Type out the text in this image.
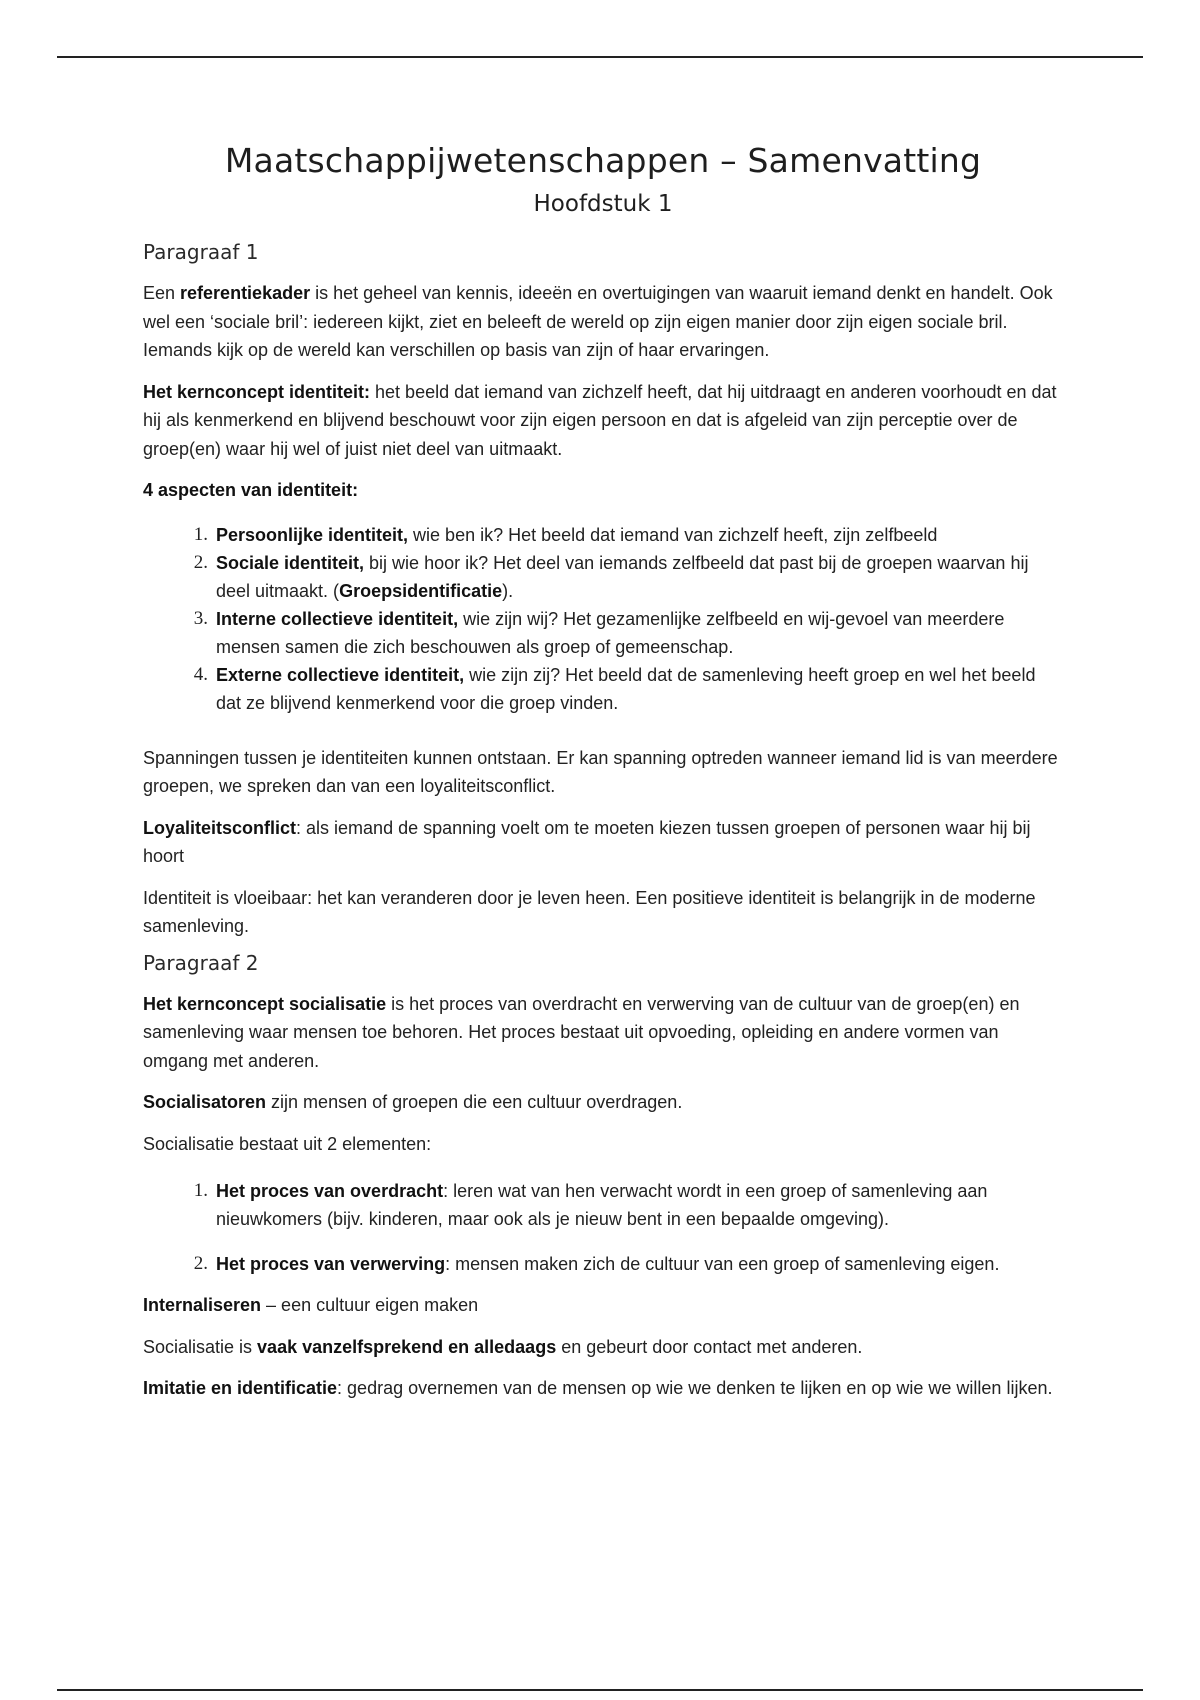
Maatschappijwetenschappen – Samenvatting
Hoofdstuk 1
Paragraaf 1

Een referentiekader is het geheel van kennis, ideeën en overtuigingen van waaruit iemand denkt en handelt. Ook wel een ‘sociale bril’: iedereen kijkt, ziet en beleeft de wereld op zijn eigen manier door zijn eigen sociale bril. Iemands kijk op de wereld kan verschillen op basis van zijn of haar ervaringen.

Het kernconcept identiteit: het beeld dat iemand van zichzelf heeft, dat hij uitdraagt en anderen voorhoudt en dat hij als kenmerkend en blijvend beschouwt voor zijn eigen persoon en dat is afgeleid van zijn perceptie over de groep(en) waar hij wel of juist niet deel van uitmaakt.

4 aspecten van identiteit:

1. Persoonlijke identiteit, wie ben ik? Het beeld dat iemand van zichzelf heeft, zijn zelfbeeld
2. Sociale identiteit, bij wie hoor ik? Het deel van iemands zelfbeeld dat past bij de groepen waarvan hij deel uitmaakt. (Groepsidentificatie).
3. Interne collectieve identiteit, wie zijn wij? Het gezamenlijke zelfbeeld en wij-gevoel van meerdere mensen samen die zich beschouwen als groep of gemeenschap.
4. Externe collectieve identiteit, wie zijn zij? Het beeld dat de samenleving heeft groep en wel het beeld dat ze blijvend kenmerkend voor die groep vinden.

Spanningen tussen je identiteiten kunnen ontstaan. Er kan spanning optreden wanneer iemand lid is van meerdere groepen, we spreken dan van een loyaliteitsconflict.

Loyaliteitsconflict: als iemand de spanning voelt om te moeten kiezen tussen groepen of personen waar hij bij hoort

Identiteit is vloeibaar: het kan veranderen door je leven heen. Een positieve identiteit is belangrijk in de moderne samenleving.

Paragraaf 2

Het kernconcept socialisatie is het proces van overdracht en verwerving van de cultuur van de groep(en) en samenleving waar mensen toe behoren. Het proces bestaat uit opvoeding, opleiding en andere vormen van omgang met anderen.

Socialisatoren zijn mensen of groepen die een cultuur overdragen.

Socialisatie bestaat uit 2 elementen:

1. Het proces van overdracht: leren wat van hen verwacht wordt in een groep of samenleving aan nieuwkomers (bijv. kinderen, maar ook als je nieuw bent in een bepaalde omgeving).
2. Het proces van verwerving: mensen maken zich de cultuur van een groep of samenleving eigen.

Internaliseren – een cultuur eigen maken

Socialisatie is vaak vanzelfsprekend en alledaags en gebeurt door contact met anderen.

Imitatie en identificatie: gedrag overnemen van de mensen op wie we denken te lijken en op wie we willen lijken.
